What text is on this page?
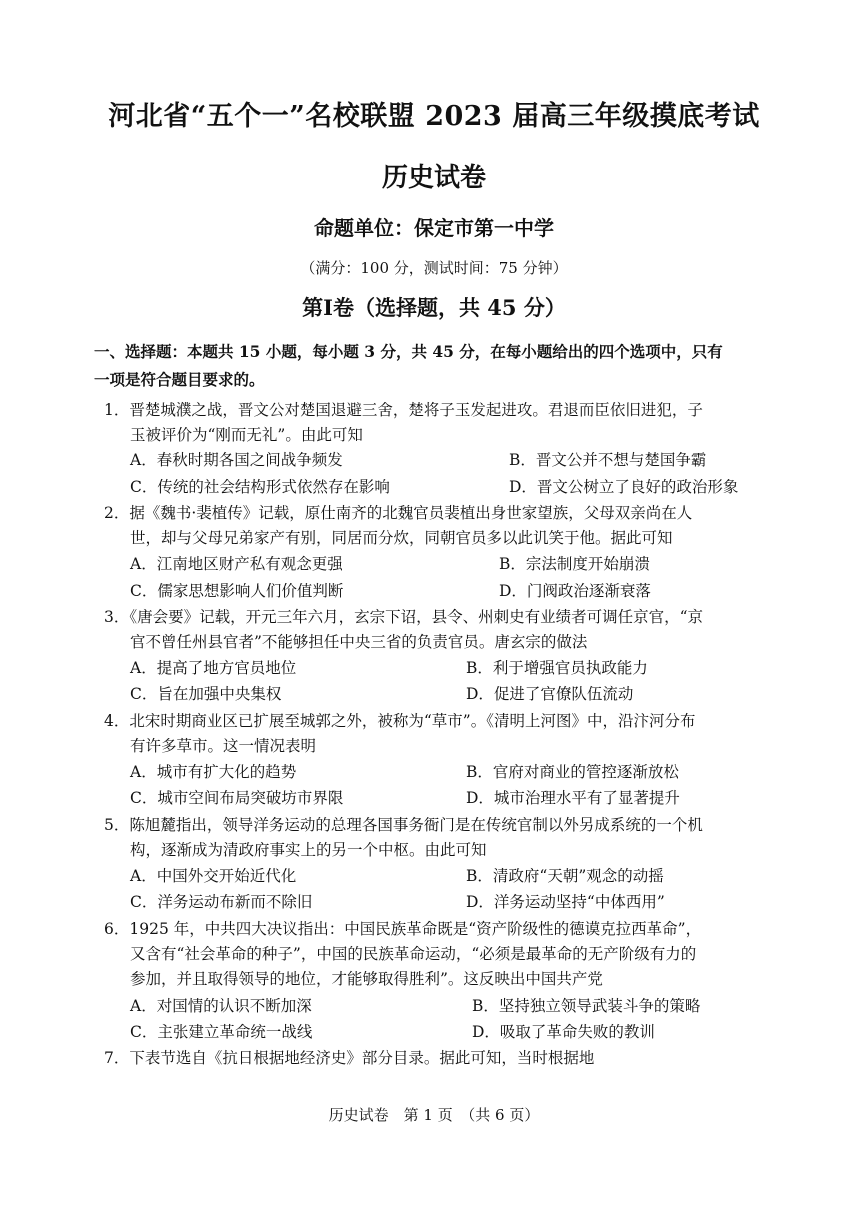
河北省“五个一”名校联盟 2023 届高三年级摸底考试
历史试卷
命题单位：保定市第一中学
（满分：100 分，测试时间：75 分钟）
第Ⅰ卷（选择题，共 45 分）
一、选择题：本题共 15 小题，每小题 3 分，共 45 分，在每小题给出的四个选项中，只有
一项是符合题目要求的。
1．晋楚城濮之战，晋文公对楚国退避三舍，楚将子玉发起进攻。君退而臣依旧进犯，子
玉被评价为“刚而无礼”。由此可知
A．春秋时期各国之间战争频发	B．晋文公并不想与楚国争霸
C．传统的社会结构形式依然存在影响	D．晋文公树立了良好的政治形象
2．据《魏书·裴植传》记载，原仕南齐的北魏官员裴植出身世家望族，父母双亲尚在人
世，却与父母兄弟家产有别，同居而分炊，同朝官员多以此讥笑于他。据此可知
A．江南地区财产私有观念更强	B．宗法制度开始崩溃
C．儒家思想影响人们价值判断	D．门阀政治逐渐衰落
3．《唐会要》记载，开元三年六月，玄宗下诏，县令、州刺史有业绩者可调任京官，“京
官不曾任州县官者”不能够担任中央三省的负责官员。唐玄宗的做法
A．提高了地方官员地位	B．利于增强官员执政能力
C．旨在加强中央集权	D．促进了官僚队伍流动
4．北宋时期商业区已扩展至城郭之外，被称为“草市”。《清明上河图》中，沿汴河分布
有许多草市。这一情况表明
A．城市有扩大化的趋势	B．官府对商业的管控逐渐放松
C．城市空间布局突破坊市界限	D．城市治理水平有了显著提升
5．陈旭麓指出，领导洋务运动的总理各国事务衙门是在传统官制以外另成系统的一个机
构，逐渐成为清政府事实上的另一个中枢。由此可知
A．中国外交开始近代化	B．清政府“天朝”观念的动摇
C．洋务运动布新而不除旧	D．洋务运动坚持“中体西用”
6．1925 年，中共四大决议指出：中国民族革命既是“资产阶级性的德谟克拉西革命”，
又含有“社会革命的种子”，中国的民族革命运动，“必须是最革命的无产阶级有力的
参加，并且取得领导的地位，才能够取得胜利”。这反映出中国共产党
A．对国情的认识不断加深	B．坚持独立领导武装斗争的策略
C．主张建立革命统一战线	D．吸取了革命失败的教训
7．下表节选自《抗日根据地经济史》部分目录。据此可知，当时根据地
历史试卷　第 1 页　（共 6 页）
